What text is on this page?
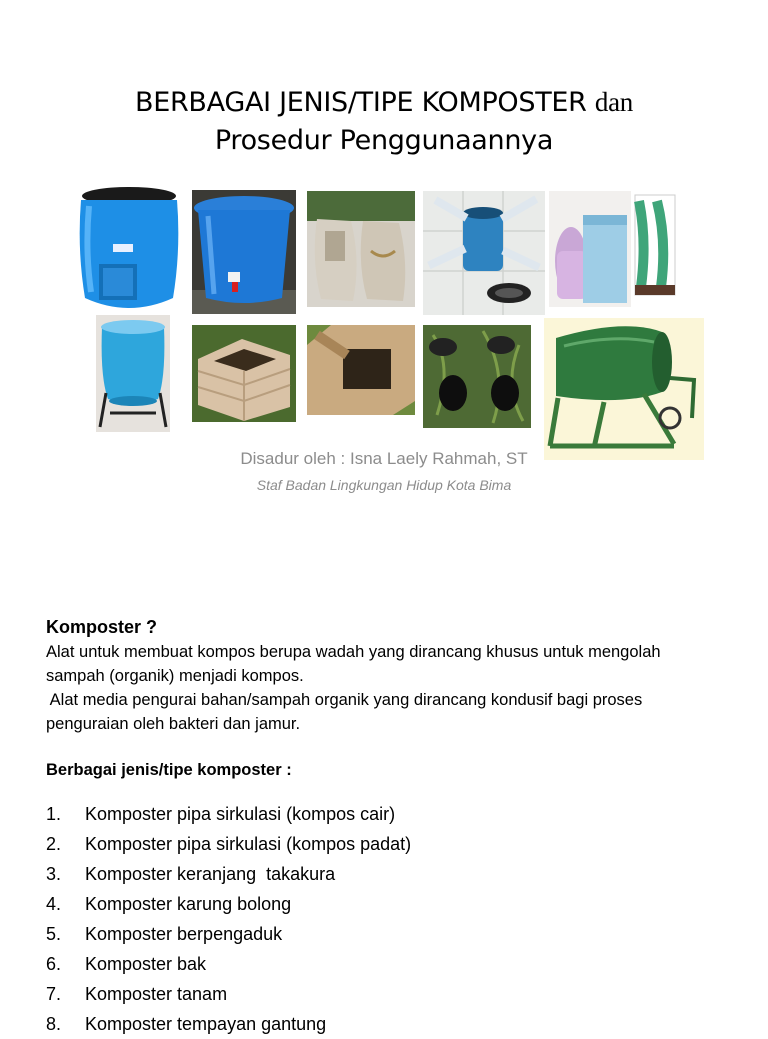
BERBAGAI JENIS/TIPE KOMPOSTER dan
Prosedur Penggunaannya
Disadur oleh : Isna Laely Rahmah, ST
Staf Badan Lingkungan Hidup Kota Bima
Komposter ?
Alat untuk membuat kompos berupa wadah yang dirancang khusus untuk mengolah
sampah (organik) menjadi kompos.
Alat media pengurai bahan/sampah organik yang dirancang kondusif bagi proses
penguraian oleh bakteri dan jamur.
Berbagai jenis/tipe komposter :
1.	Komposter pipa sirkulasi (kompos cair)
2.	Komposter pipa sirkulasi (kompos padat)
3.	Komposter keranjang  takakura
4.	Komposter karung bolong
5.	Komposter berpengaduk
6.	Komposter bak
7.	Komposter tanam
8.	Komposter tempayan gantung
